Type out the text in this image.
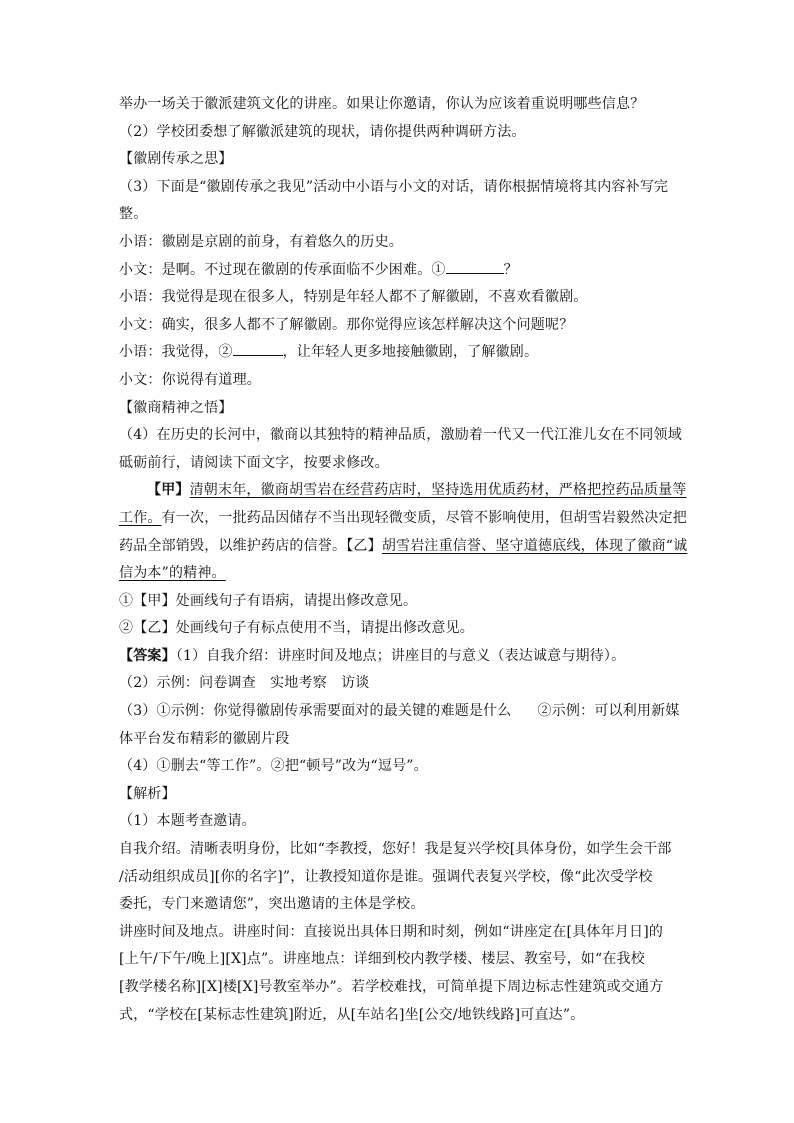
举办一场关于徽派建筑文化的讲座。如果让你邀请，你认为应该着重说明哪些信息？
（2）学校团委想了解徽派建筑的现状，请你提供两种调研方法。
【徽剧传承之思】
（3）下面是“徽剧传承之我见”活动中小语与小文的对话，请你根据情境将其内容补写完
整。
小语：徽剧是京剧的前身，有着悠久的历史。
小文：是啊。不过现在徽剧的传承面临不少困难。①	？
小语：我觉得是现在很多人，特别是年轻人都不了解徽剧，不喜欢看徽剧。
小文：确实，很多人都不了解徽剧。那你觉得应该怎样解决这个问题呢？
小语：我觉得，②	，让年轻人更多地接触徽剧，了解徽剧。
小文：你说得有道理。
【徽商精神之悟】
（4）在历史的长河中，徽商以其独特的精神品质，激励着一代又一代江淮儿女在不同领域
砥砺前行，请阅读下面文字，按要求修改。
【甲】清朝末年，徽商胡雪岩在经营药店时，坚持选用优质药材，严格把控药品质量等
工作。有一次，一批药品因储存不当出现轻微变质，尽管不影响使用，但胡雪岩毅然决定把
药品全部销毁，以维护药店的信誉。【乙】胡雪岩注重信誉、坚守道德底线，体现了徽商“诚
信为本”的精神。
①【甲】处画线句子有语病，请提出修改意见。
②【乙】处画线句子有标点使用不当，请提出修改意见。
【答案】（1）自我介绍：讲座时间及地点；讲座目的与意义（表达诚意与期待）。
（2）示例：问卷调查　实地考察　访谈
（3）①示例：你觉得徽剧传承需要面对的最关键的难题是什么 ②示例：可以利用新媒
体平台发布精彩的徽剧片段
（4）①删去“等工作”。②把“顿号”改为“逗号”。
【解析】
（1）本题考查邀请。
自我介绍。清晰表明身份，比如“李教授，您好！我是复兴学校[具体身份，如学生会干部
/活动组织成员][你的名字]”，让教授知道你是谁。强调代表复兴学校，像“此次受学校
委托，专门来邀请您”，突出邀请的主体是学校。
讲座时间及地点。讲座时间：直接说出具体日期和时刻，例如“讲座定在[具体年月日]的
[上午/下午/晚上][X]点”。讲座地点：详细到校内教学楼、楼层、教室号，如“在我校
[教学楼名称][X]楼[X]号教室举办”。若学校难找，可简单提下周边标志性建筑或交通方
式，“学校在[某标志性建筑]附近，从[车站名]坐[公交/地铁线路]可直达”。
